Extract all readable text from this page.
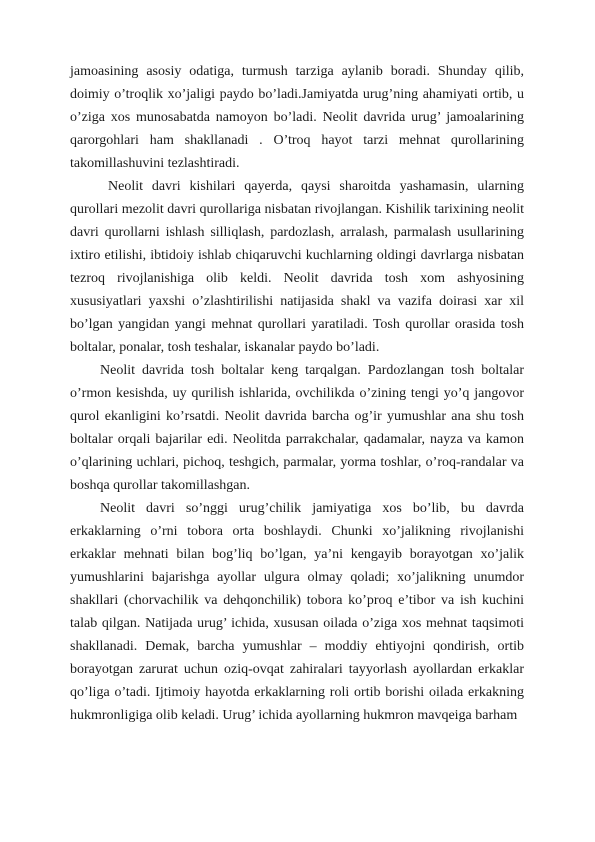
jamoasining asosiy odatiga, turmush tarziga aylanib boradi. Shunday qilib, doimiy o’troqlik xo’jaligi paydo bo’ladi.Jamiyatda urug’ning ahamiyati ortib, u o’ziga xos munosabatda namoyon bo’ladi. Neolit davrida urug’ jamoalarining qarorgohlari ham shakllanadi . O’troq hayot tarzi mehnat qurollarining takomillashuvini tezlashtiradi.

Neolit davri kishilari qayerda, qaysi sharoitda yashamasin, ularning qurollari mezolit davri qurollariga nisbatan rivojlangan. Kishilik tarixining neolit davri qurollarni ishlash silliqlash, pardozlash, arralash, parmalash usullarining ixtiro etilishi, ibtidoiy ishlab chiqaruvchi kuchlarning oldingi davrlarga nisbatan tezroq rivojlanishiga olib keldi. Neolit davrida tosh xom ashyosining xususiyatlari yaxshi o’zlashtirilishi natijasida shakl va vazifa doirasi xar xil bo’lgan yangidan yangi mehnat qurollari yaratiladi. Tosh qurollar orasida tosh boltalar, ponalar, tosh teshalar, iskanalar paydo bo’ladi.

Neolit davrida tosh boltalar keng tarqalgan. Pardozlangan tosh boltalar o’rmon kesishda, uy qurilish ishlarida, ovchilikda o’zining tengi yo’q jangovor qurol ekanligini ko’rsatdi. Neolit davrida barcha og’ir yumushlar ana shu tosh boltalar orqali bajarilar edi. Neolitda parrakchalar, qadamalar, nayza va kamon o’qlarining uchlari, pichoq, teshgich, parmalar, yorma toshlar, o’roq-randalar va boshqa qurollar takomillashgan.

Neolit davri so’nggi urug’chilik jamiyatiga xos bo’lib, bu davrda erkaklarning o’rni tobora orta boshlaydi. Chunki xo’jalikning rivojlanishi erkaklar mehnati bilan bog’liq bo’lgan, ya’ni kengayib borayotgan xo’jalik yumushlarini bajarishga ayollar ulgura olmay qoladi; xo’jalikning unumdor shakllari (chorvachilik va dehqonchilik) tobora ko’proq e’tibor va ish kuchini talab qilgan. Natijada urug’ ichida, xususan oilada o’ziga xos mehnat taqsimoti shakllanadi. Demak, barcha yumushlar – moddiy ehtiyojni qondirish, ortib borayotgan zarurat uchun oziq-ovqat zahiralari tayyorlash ayollardan erkaklar qo’liga o’tadi. Ijtimoiy hayotda erkaklarning roli ortib borishi oilada erkakning hukmronligiga olib keladi. Urug’ ichida ayollarning hukmron mavqeiga barham
